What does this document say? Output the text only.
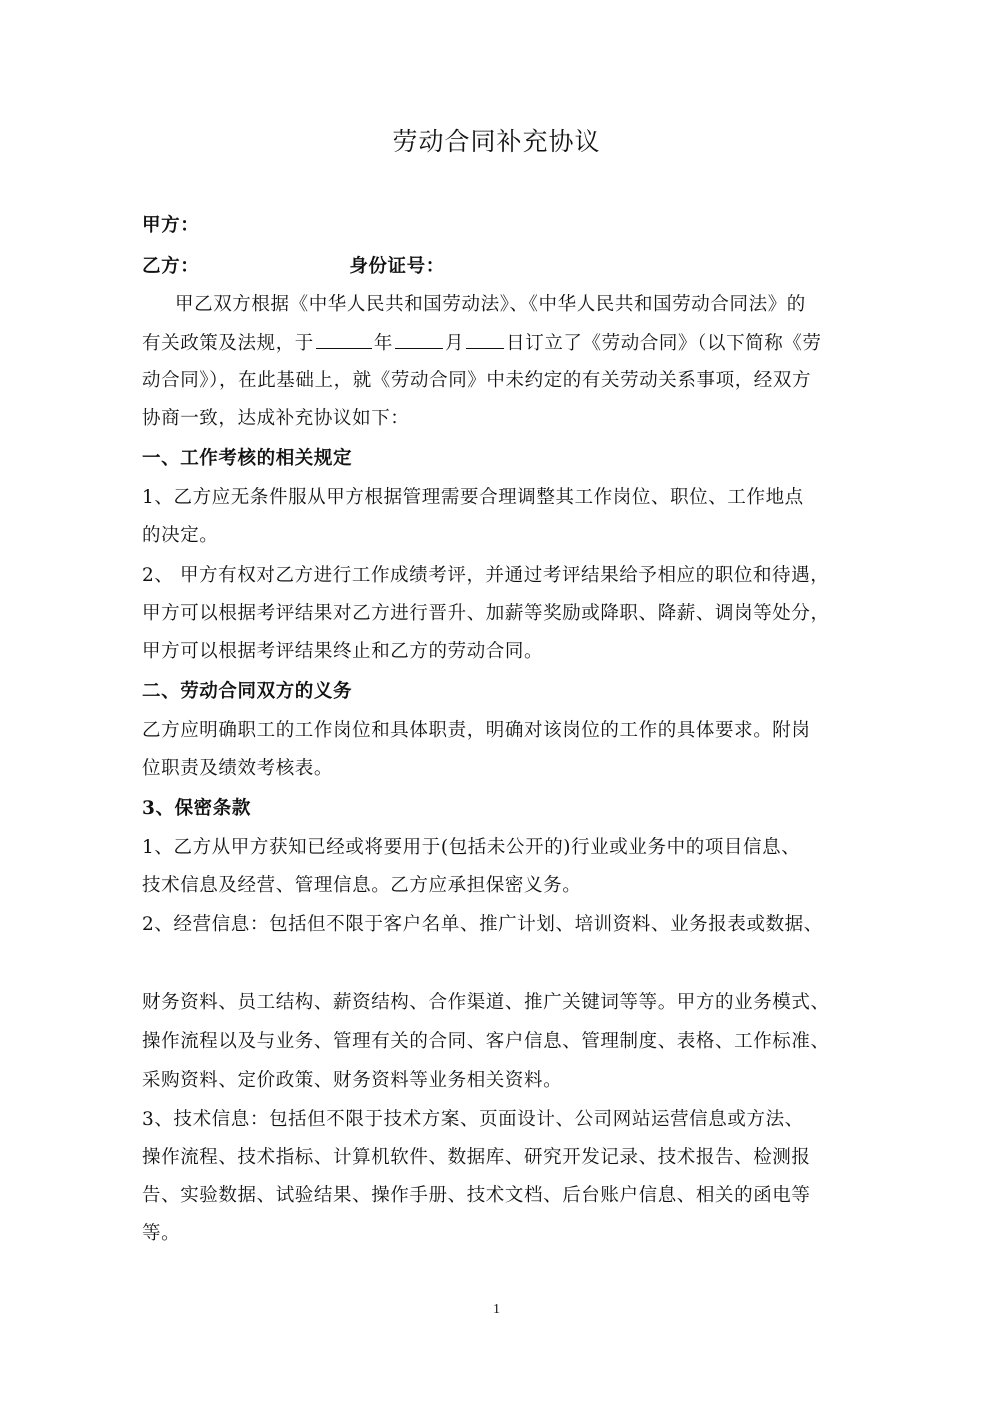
劳动合同补充协议
甲方：
乙方：	身份证号：
甲乙双方根据《中华人民共和国劳动法》、《中华人民共和国劳动合同法》的
有关政策及法规，于	年	月 日订立了《劳动合同》（以下简称《劳
动合同》），在此基础上，就《劳动合同》中未约定的有关劳动关系事项，经双方
协商一致，达成补充协议如下：
一、工作考核的相关规定
1、乙方应无条件服从甲方根据管理需要合理调整其工作岗位、职位、工作地点
的决定。
2、 甲方有权对乙方进行工作成绩考评，并通过考评结果给予相应的职位和待遇，
甲方可以根据考评结果对乙方进行晋升、加薪等奖励或降职、降薪、调岗等处分，
甲方可以根据考评结果终止和乙方的劳动合同。
二、劳动合同双方的义务
乙方应明确职工的工作岗位和具体职责，明确对该岗位的工作的具体要求。附岗
位职责及绩效考核表。
3、保密条款
1、乙方从甲方获知已经或将要用于(包括未公开的)行业或业务中的项目信息、
技术信息及经营、管理信息。乙方应承担保密义务。
2、经营信息：包括但不限于客户名单、推广计划、培训资料、业务报表或数据、
财务资料、员工结构、薪资结构、合作渠道、推广关键词等等。甲方的业务模式、
操作流程以及与业务、管理有关的合同、客户信息、管理制度、表格、工作标准、
采购资料、定价政策、财务资料等业务相关资料。
3、技术信息：包括但不限于技术方案、页面设计、公司网站运营信息或方法、
操作流程、技术指标、计算机软件、数据库、研究开发记录、技术报告、检测报
告、实验数据、试验结果、操作手册、技术文档、后台账户信息、相关的函电等
等。
1
